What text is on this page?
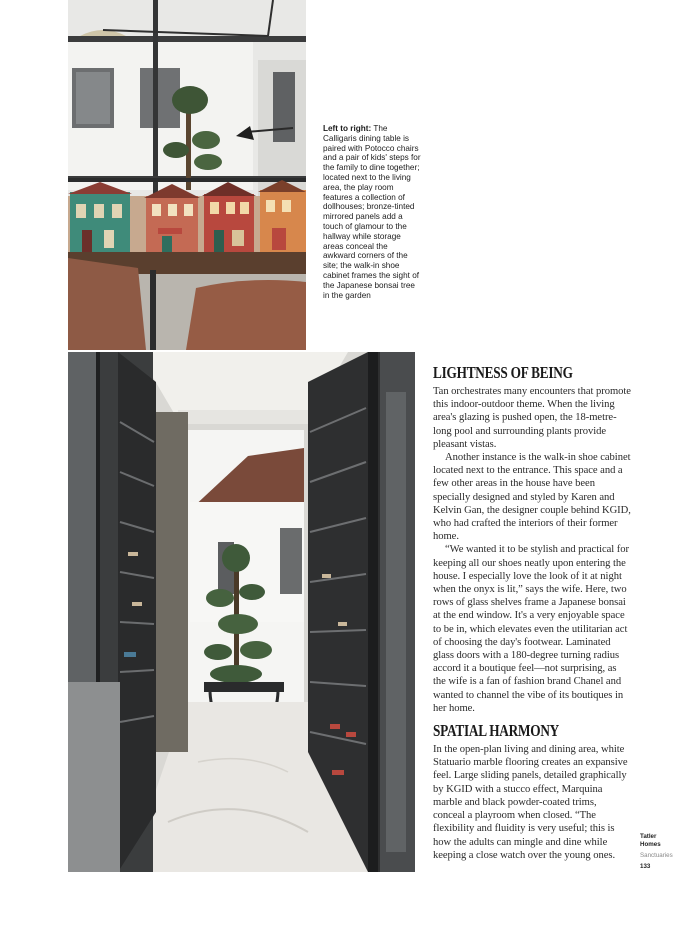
Left to right: The Calligaris dining table is paired with Potocco chairs and a pair of kids' steps for the family to dine together; located next to the living area, the play room features a collection of dollhouses; bronze-tinted mirrored panels add a touch of glamour to the hallway while storage areas conceal the awkward corners of the site; the walk-in shoe cabinet frames the sight of the Japanese bonsai tree in the garden
LIGHTNESS OF BEING

Tan orchestrates many encounters that promote this indoor-outdoor theme. When the living area's glazing is pushed open, the 18-metre-long pool and surrounding plants provide pleasant vistas.

Another instance is the walk-in shoe cabinet located next to the entrance. This space and a few other areas in the house have been specially designed and styled by Karen and Kelvin Gan, the designer couple behind KGID, who had crafted the interiors of their former home.

“We wanted it to be stylish and practical for keeping all our shoes neatly upon entering the house. I especially love the look of it at night when the onyx is lit,” says the wife. Here, two rows of glass shelves frame a Japanese bonsai at the end window. It's a very enjoyable space to be in, which elevates even the utilitarian act of choosing the day's footwear. Laminated glass doors with a 180-degree turning radius accord it a boutique feel—not surprising, as the wife is a fan of fashion brand Chanel and wanted to channel the vibe of its boutiques in her home.

SPATIAL HARMONY

In the open-plan living and dining area, white Statuario marble flooring creates an expansive feel. Large sliding panels, detailed graphically by KGID with a stucco effect, Marquina marble and black powder-coated trims, conceal a playroom when closed. “The flexibility and fluidity is very useful; this is how the adults can mingle and dine while keeping a close watch over the young ones.

Tatler
Homes
Sanctuaries
133
